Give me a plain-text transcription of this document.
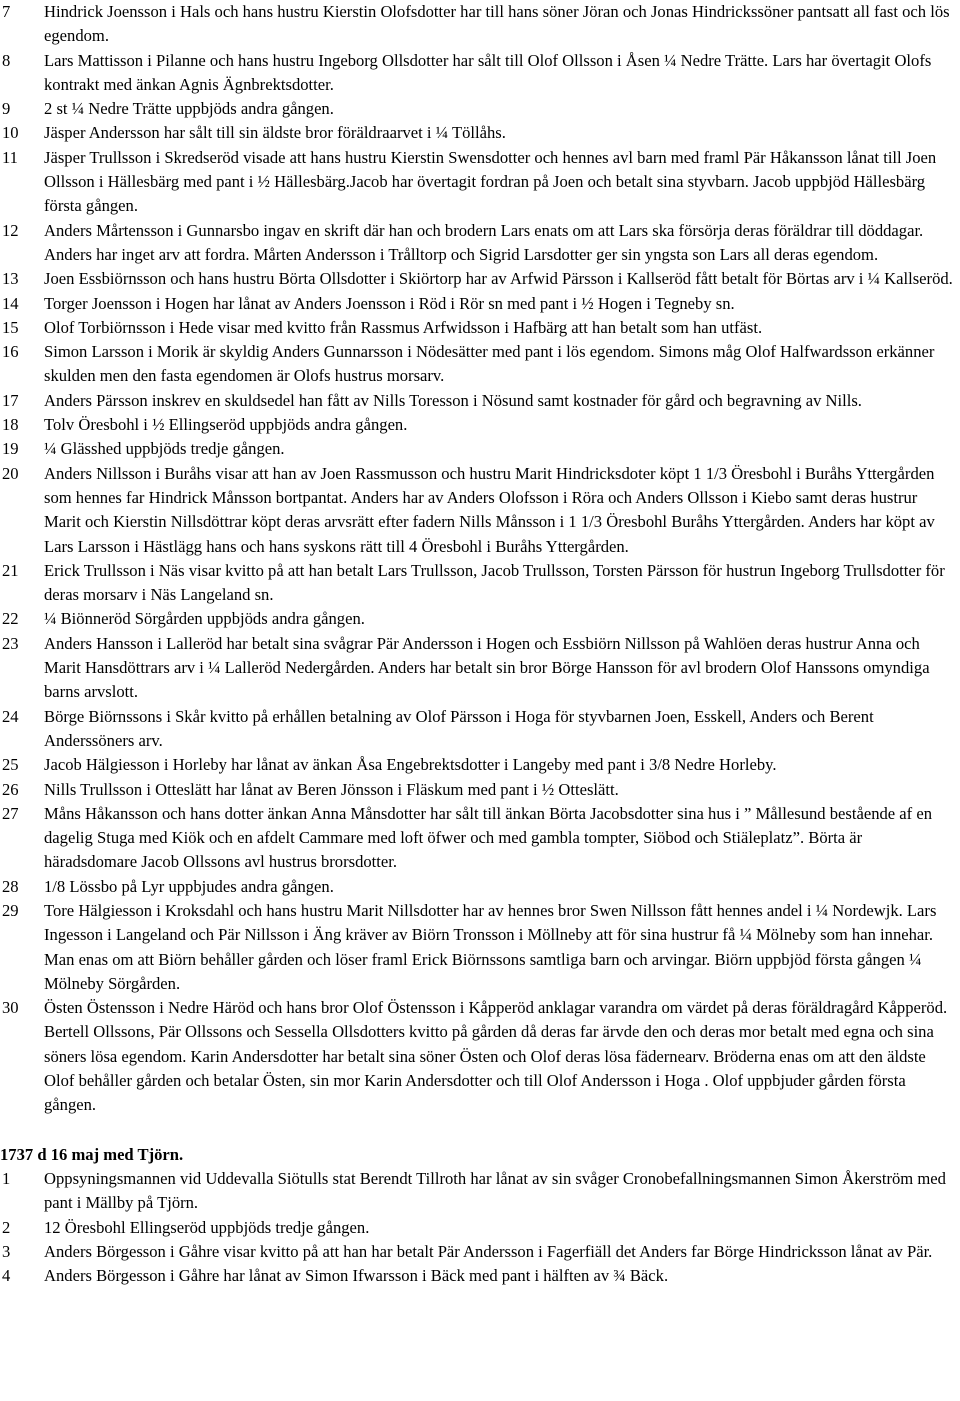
7 Hindrick Joensson i Hals och hans hustru Kierstin Olofsdotter har till hans söner Jöran och Jonas Hindrickssöner pantsatt all fast och lös egendom.
8 Lars Mattisson i Pilanne och hans hustru Ingeborg Ollsdotter har sålt till Olof Ollsson i Åsen ¼ Nedre Trätte. Lars har övertagit Olofs kontrakt med änkan Agnis Ägnbrektsdotter.
9 2 st ¼ Nedre Trätte uppbjöds andra gången.
10 Jäsper Andersson har sålt till sin äldste bror föräldraarvet i ¼ Töllåhs.
11 Jäsper Trullsson i Skredseröd visade att hans hustru Kierstin Swensdotter och hennes avl barn med framl Pär Håkansson lånat till Joen Ollsson i Hällesbärg med pant i ½ Hällesbärg.Jacob har övertagit fordran på Joen och betalt sina styvbarn. Jacob uppbjöd Hällesbärg första gången.
12 Anders Mårtensson i Gunnarsbo ingav en skrift där han och brodern Lars enats om att Lars ska försörja deras föräldrar till döddagar. Anders har inget arv att fordra. Mårten Andersson i Trålltorp och Sigrid Larsdotter ger sin yngsta son Lars all deras egendom.
13 Joen Essbiörnsson och hans hustru Börta Ollsdotter i Skiörtorp har av Arfwid Pärsson i Kallseröd fått betalt för Börtas arv i ¼ Kallseröd.
14 Torger Joensson i Hogen har lånat av Anders Joensson i Röd i Rör sn med pant i ½ Hogen i Tegneby sn.
15 Olof Torbiörnsson i Hede visar med kvitto från Rassmus Arfwidsson i Hafbärg att han betalt som han utfäst.
16 Simon Larsson i Morik är skyldig Anders Gunnarsson i Nödesätter med pant i lös egendom. Simons måg Olof Halfwardsson erkänner skulden men den fasta egendomen är Olofs hustrus morsarv.
17 Anders Pärsson inskrev en skuldsedel han fått av Nills Toresson i Nösund samt kostnader för gård och begravning av Nills.
18 Tolv Öresbohl i ½ Ellingseröd uppbjöds andra gången.
19 ¼ Glässhed uppbjöds tredje gången.
20 Anders Nillsson i Buråhs visar att han av Joen Rassmusson och hustru Marit Hindricksdoter köpt 1 1/3 Öresbohl i Buråhs Yttergården som hennes far Hindrick Månsson bortpantat. Anders har av Anders Olofsson i Röra och Anders Ollsson i Kiebo samt deras hustrur Marit och Kierstin Nillsdöttrar köpt deras arvsrätt efter fadern Nills Månsson i 1 1/3 Öresbohl Buråhs Yttergården. Anders har köpt av Lars Larsson i Hästlägg hans och hans syskons rätt till 4 Öresbohl i Buråhs Yttergården.
21 Erick Trullsson i Näs visar kvitto på att han betalt Lars Trullsson, Jacob Trullsson, Torsten Pärsson för hustrun Ingeborg Trullsdotter för deras morsarv i Näs Langeland sn.
22 ¼ Biönneröd Sörgården uppbjöds andra gången.
23 Anders Hansson i Lalleröd har betalt sina svågrar Pär Andersson i Hogen och Essbiörn Nillsson på Wahlöen deras hustrur Anna och Marit Hansdöttrars arv i ¼ Lalleröd Nedergården. Anders har betalt sin bror Börge Hansson för avl brodern Olof Hanssons omyndiga barns arvslott.
24 Börge Biörnssons i Skår kvitto på erhållen betalning av Olof Pärsson i Hoga för styvbarnen Joen, Esskell, Anders och Berent Anderssöners arv.
25 Jacob Hälgiesson i Horleby har lånat av änkan Åsa Engebrektsdotter i Langeby med pant i 3/8 Nedre Horleby.
26 Nills Trullsson i Otteslätt har lånat av Beren Jönsson i Fläskum med pant i ½ Otteslätt.
27 Måns Håkansson och hans dotter änkan Anna Månsdotter har sålt till änkan Börta Jacobsdotter sina hus i ” Mållesund bestående af en dagelig Stuga med Kiök och en afdelt Cammare med loft öfwer och med gambla tompter, Siöbod och Stiäleplatz”. Börta är häradsdomare Jacob Ollssons avl hustrus brorsdotter.
28 1/8 Lössbo på Lyr uppbjudes andra gången.
29 Tore Hälgiesson i Kroksdahl och hans hustru Marit Nillsdotter har av hennes bror Swen Nillsson fått hennes andel i ¼ Nordewjk. Lars Ingesson i Langeland och Pär Nillsson i Äng kräver av Biörn Tronsson i Möllneby att för sina hustrur få ¼ Mölneby som han innehar. Man enas om att Biörn behåller gården och löser framl Erick Biörnssons samtliga barn och arvingar. Biörn uppbjöd första gången ¼ Mölneby Sörgården.
30 Östen Östensson i Nedre Häröd och hans bror Olof Östensson i Kåpperöd anklagar varandra om värdet på deras föräldragård Kåpperöd. Bertell Ollssons, Pär Ollssons och Sessella Ollsdotters kvitto på gården då deras far ärvde den och deras mor betalt med egna och sina söners lösa egendom. Karin Andersdotter har betalt sina söner Östen och Olof deras lösa fädernearv. Bröderna enas om att den äldste Olof behåller gården och betalar Östen, sin mor Karin Andersdotter och till Olof Andersson i Hoga . Olof uppbjuder gården första gången.
1737 d 16 maj med Tjörn.
1 Oppsyningsmannen vid Uddevalla Siötulls stat Berendt Tillroth har lånat av sin svåger Cronobefallningsmannen Simon Åkerström med pant i Mällby på Tjörn.
2 12 Öresbohl Ellingseröd uppbjöds tredje gången.
3 Anders Börgesson i Gåhre visar kvitto på att han har betalt Pär Andersson i Fagerfiäll det Anders far Börge Hindricksson lånat av Pär.
4 Anders Börgesson i Gåhre har lånat av Simon Ifwarsson i Bäck med pant i hälften av ¾ Bäck.
